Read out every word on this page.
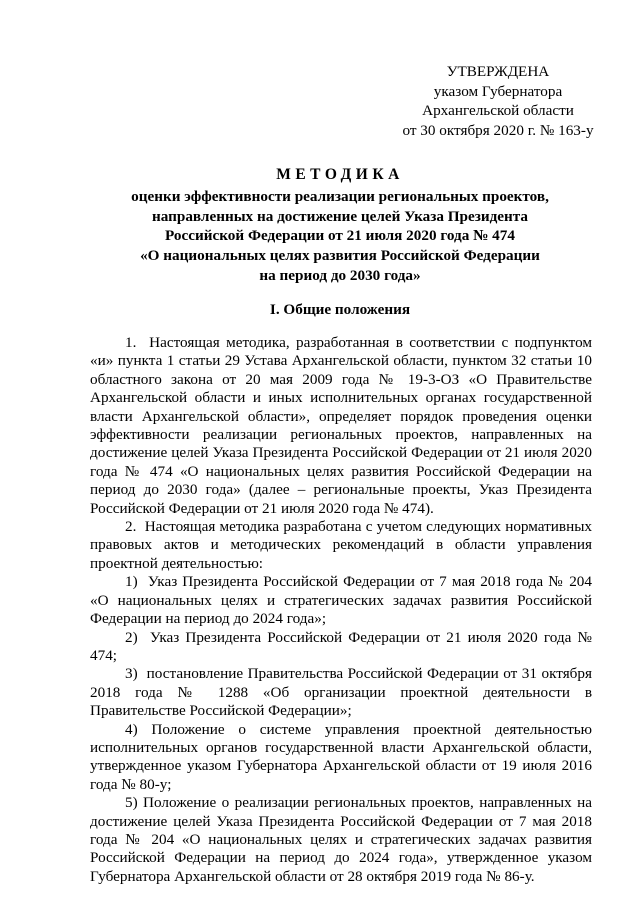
УТВЕРЖДЕНА
указом Губернатора
Архангельской области
от 30 октября 2020 г. № 163-у
МЕТОДИКА
оценки эффективности реализации региональных проектов,
направленных на достижение целей Указа Президента
Российской Федерации от 21 июля 2020 года № 474
«О национальных целях развития Российской Федерации
на период до 2030 года»
I. Общие положения

1.  Настоящая методика, разработанная в соответствии с подпунктом «и» пункта 1 статьи 29 Устава Архангельской области, пунктом 32 статьи 10 областного закона от 20 мая 2009 года № 19-3-ОЗ «О Правительстве Архангельской области и иных исполнительных органах государственной власти Архангельской области», определяет порядок проведения оценки эффективности реализации региональных проектов, направленных на достижение целей Указа Президента Российской Федерации от 21 июля 2020 года № 474 «О национальных целях развития Российской Федерации на период до 2030 года» (далее – региональные проекты, Указ Президента Российской Федерации от 21 июля 2020 года № 474).

2.  Настоящая методика разработана с учетом следующих нормативных правовых актов и методических рекомендаций в области управления проектной деятельностью:

1)  Указ Президента Российской Федерации от 7 мая 2018 года № 204 «О национальных целях и стратегических задачах развития Российской Федерации на период до 2024 года»;

2)  Указ Президента Российской Федерации от 21 июля 2020 года № 474;

3)  постановление Правительства Российской Федерации от 31 октября 2018 года № 1288 «Об организации проектной деятельности в Правительстве Российской Федерации»;

4) Положение о системе управления проектной деятельностью исполнительных органов государственной власти Архангельской области, утвержденное указом Губернатора Архангельской области от 19 июля 2016 года № 80-у;

5) Положение о реализации региональных проектов, направленных на достижение целей Указа Президента Российской Федерации от 7 мая 2018 года № 204 «О национальных целях и стратегических задачах развития Российской Федерации на период до 2024 года», утвержденное указом Губернатора Архангельской области от 28 октября 2019 года № 86-у.
